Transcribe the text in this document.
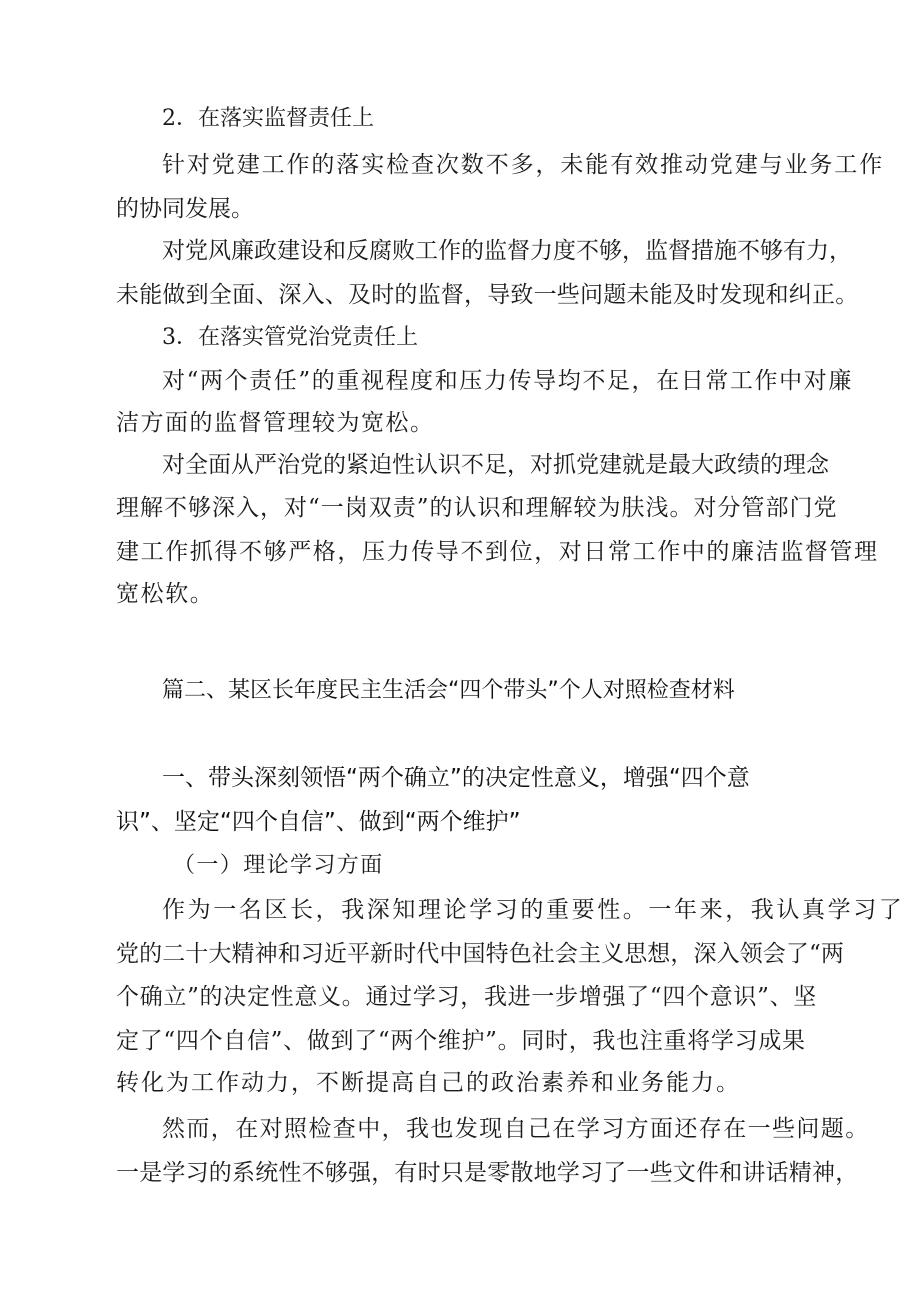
2．在落实监督责任上
针对党建工作的落实检查次数不多，未能有效推动党建与业务工作
的协同发展。
对党风廉政建设和反腐败工作的监督力度不够，监督措施不够有力，
未能做到全面、深入、及时的监督，导致一些问题未能及时发现和纠正。
3．在落实管党治党责任上
对“两个责任”的重视程度和压力传导均不足，在日常工作中对廉
洁方面的监督管理较为宽松。
对全面从严治党的紧迫性认识不足，对抓党建就是最大政绩的理念
理解不够深入，对“一岗双责”的认识和理解较为肤浅。对分管部门党
建工作抓得不够严格，压力传导不到位，对日常工作中的廉洁监督管理
宽松软。
篇二、某区长年度民主生活会“四个带头”个人对照检查材料
一、带头深刻领悟“两个确立”的决定性意义，增强“四个意
识”、坚定“四个自信”、做到“两个维护”
（一）理论学习方面
作为一名区长，我深知理论学习的重要性。一年来，我认真学习了
党的二十大精神和习近平新时代中国特色社会主义思想，深入领会了“两
个确立”的决定性意义。通过学习，我进一步增强了“四个意识”、坚
定了“四个自信”、做到了“两个维护”。同时，我也注重将学习成果
转化为工作动力，不断提高自己的政治素养和业务能力。
然而，在对照检查中，我也发现自己在学习方面还存在一些问题。
一是学习的系统性不够强，有时只是零散地学习了一些文件和讲话精神，
